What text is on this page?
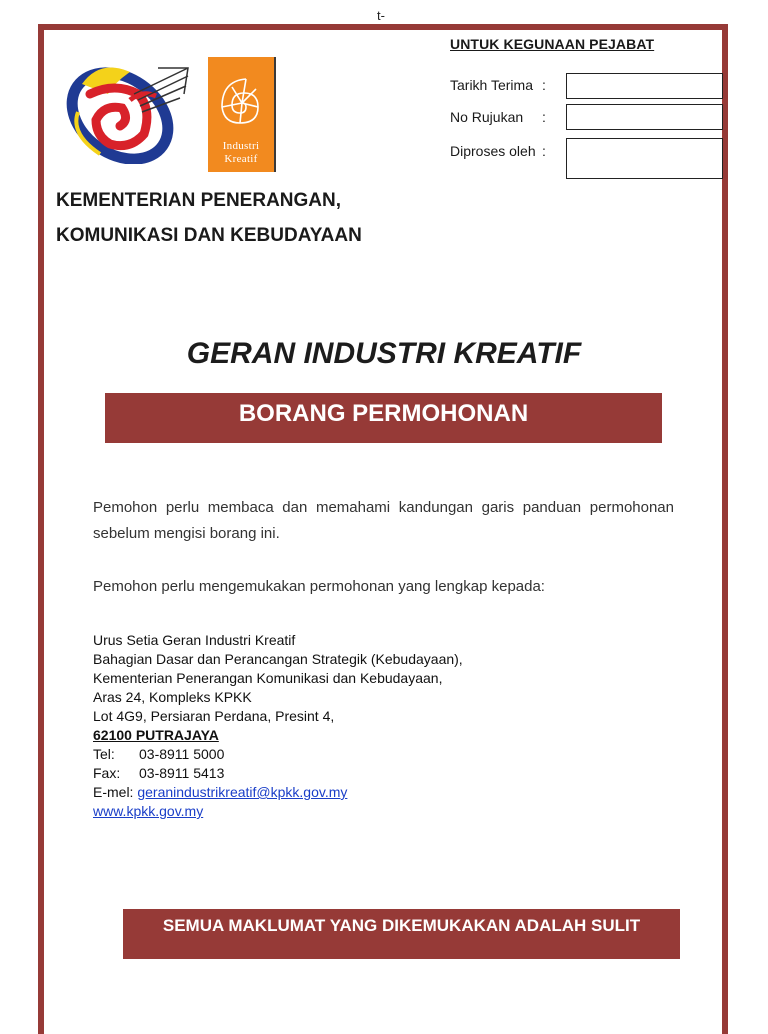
t-
UNTUK KEGUNAAN PEJABAT
Tarikh Terima :
No Rujukan :
Diproses oleh :
Industri
Kreatif
KEMENTERIAN PENERANGAN,
KOMUNIKASI DAN KEBUDAYAAN
GERAN INDUSTRI KREATIF
BORANG PERMOHONAN
Pemohon perlu membaca dan memahami kandungan garis panduan permohonan sebelum mengisi borang ini.
Pemohon perlu mengemukakan permohonan yang lengkap kepada:
Urus Setia Geran Industri Kreatif
Bahagian Dasar dan Perancangan Strategik (Kebudayaan),
Kementerian Penerangan Komunikasi dan Kebudayaan,
Aras 24, Kompleks KPKK
Lot 4G9, Persiaran Perdana, Presint 4,
62100 PUTRAJAYA
Tel: 03-8911 5000
Fax: 03-8911 5413
E-mel: geranindustrikreatif@kpkk.gov.my
www.kpkk.gov.my
SEMUA MAKLUMAT YANG DIKEMUKAKAN ADALAH SULIT
